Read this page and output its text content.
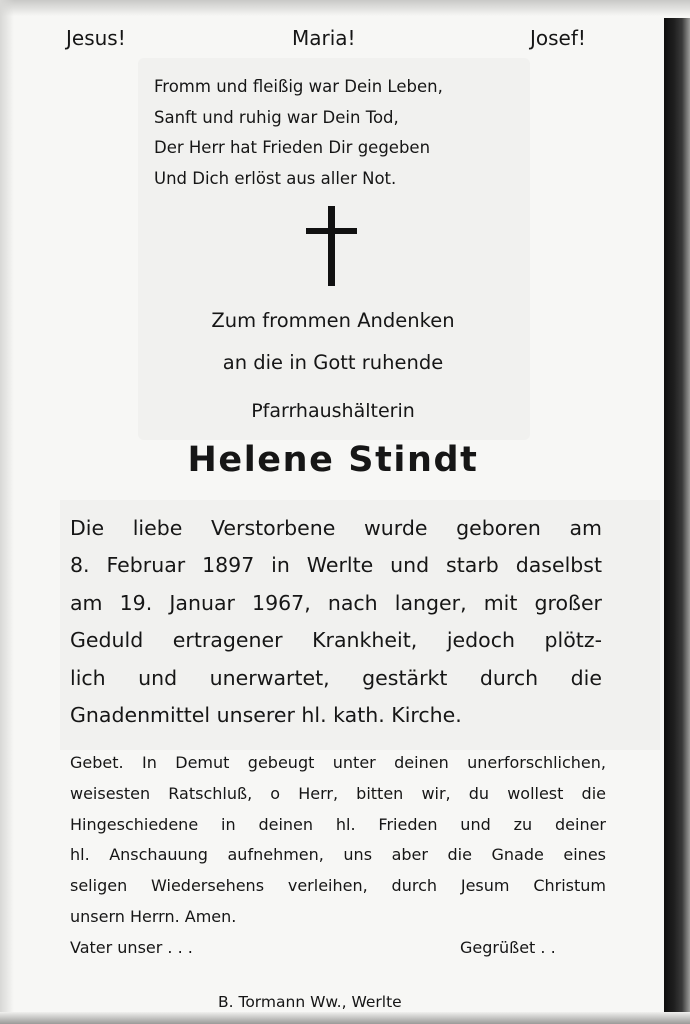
Jesus!	Maria!	Josef!
Fromm und fleißig war Dein Leben,
Sanft und ruhig war Dein Tod,
Der Herr hat Frieden Dir gegeben
Und Dich erlöst aus aller Not.
Zum frommen Andenken
an die in Gott ruhende
Pfarrhaushälterin
Helene Stindt
Die liebe Verstorbene wurde geboren am
8. Februar 1897 in Werlte und starb daselbst
am 19. Januar 1967, nach langer, mit großer
Geduld ertragener Krankheit, jedoch plötz-
lich und unerwartet, gestärkt durch die
Gnadenmittel unserer hl. kath. Kirche.
Gebet. In Demut gebeugt unter deinen unerforschlichen,
weisesten Ratschluß, o Herr, bitten wir, du wollest die
Hingeschiedene in deinen hl. Frieden und zu deiner
hl. Anschauung aufnehmen, uns aber die Gnade eines
seligen Wiedersehens verleihen, durch Jesum Christum
unsern Herrn. Amen.
Vater unser . . .	Gegrüßet . .
B. Tormann Ww., Werlte
